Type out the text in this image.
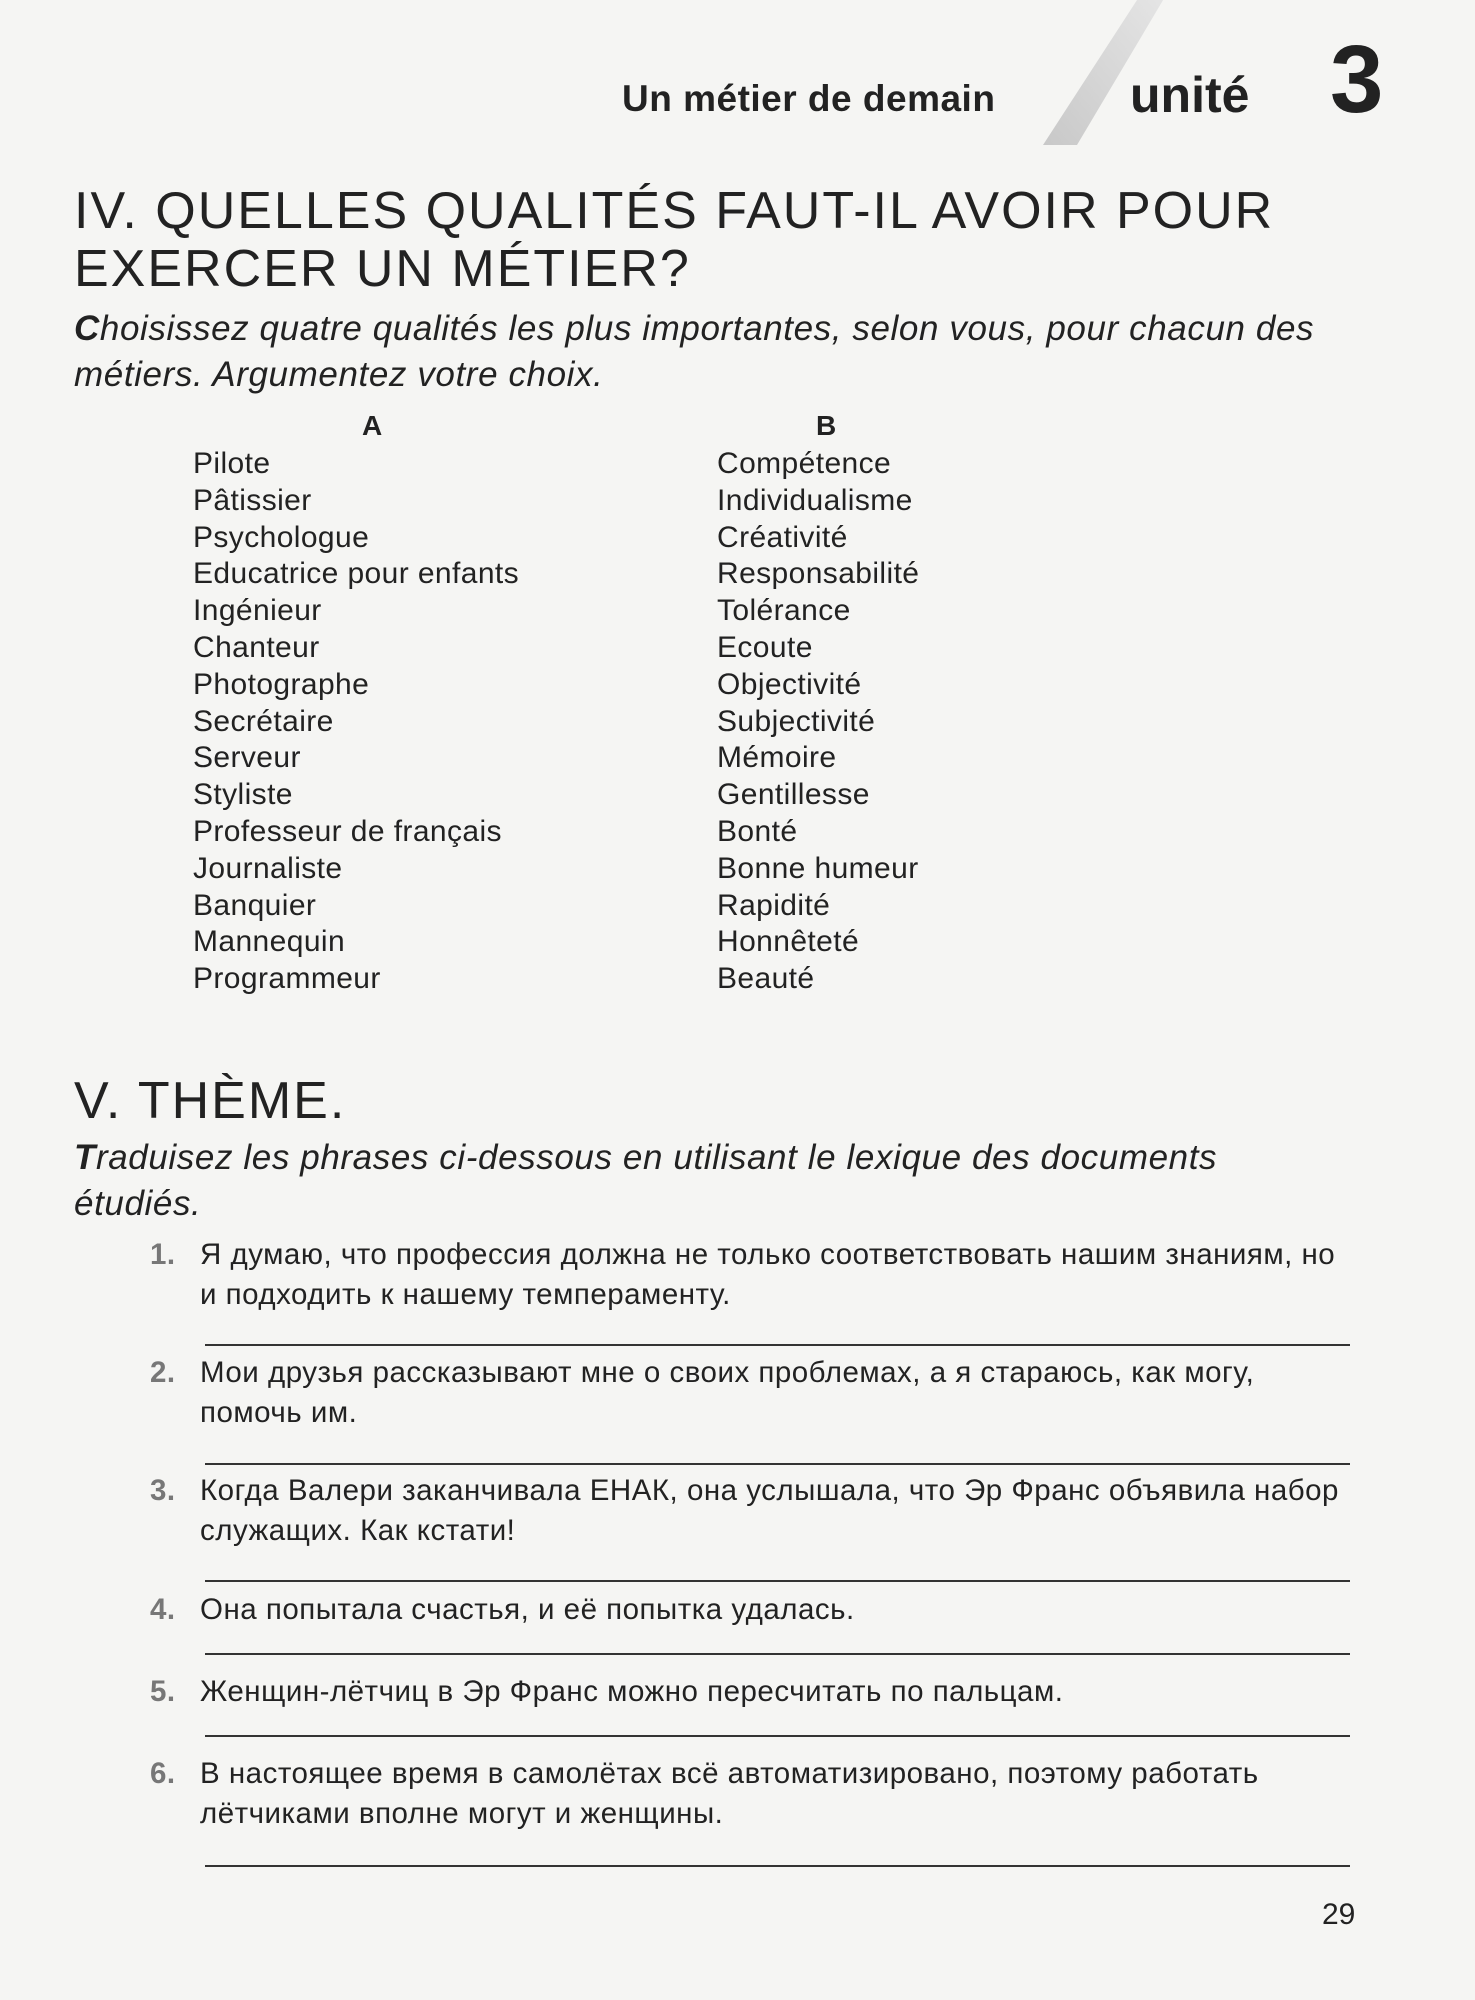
Un métier de demain	unité 3
IV. QUELLES QUALITÉS FAUT-IL AVOIR POUR EXERCER UN MÉTIER?

Choisissez quatre qualités les plus importantes, selon vous, pour chacun des métiers. Argumentez votre choix.

A	B
Pilote
Pâtissier
Psychologue
Educatrice pour enfants
Ingénieur
Chanteur
Photographe
Secrétaire
Serveur
Styliste
Professeur de français
Journaliste
Banquier
Mannequin
Programmeur
Compétence
Individualisme
Créativité
Responsabilité
Tolérance
Ecoute
Objectivité
Subjectivité
Mémoire
Gentillesse
Bonté
Bonne humeur
Rapidité
Honnêteté
Beauté
V. THÈME.

Traduisez les phrases ci-dessous en utilisant le lexique des documents étudiés.

1. Я думаю, что профессия должна не только соответствовать нашим знаниям, но и подходить к нашему темпераменту.
2. Мои друзья рассказывают мне о своих проблемах, а я стараюсь, как могу, помочь им.
3. Когда Валери заканчивала ЕНАК, она услышала, что Эр Франс объявила набор служащих. Как кстати!
4. Она попытала счастья, и её попытка удалась.
5. Женщин-лётчиц в Эр Франс можно пересчитать по пальцам.
6. В настоящее время в самолётах всё автоматизировано, поэтому работать лётчиками вполне могут и женщины.
29
